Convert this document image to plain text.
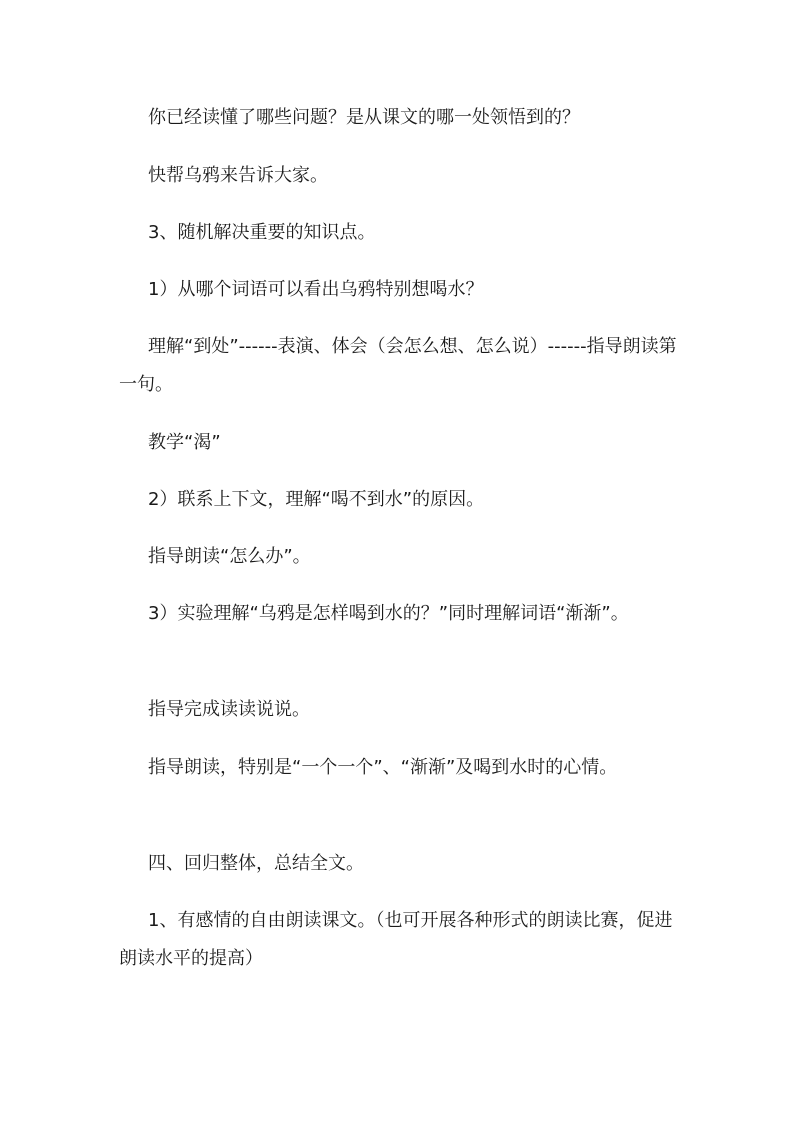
你已经读懂了哪些问题？是从课文的哪一处领悟到的？

快帮乌鸦来告诉大家。

3、随机解决重要的知识点。

1）从哪个词语可以看出乌鸦特别想喝水？

理解“到处”------表演、体会（会怎么想、怎么说）------指导朗读第一句。

教学“渴”

2）联系上下文，理解“喝不到水”的原因。

指导朗读“怎么办”。

3）实验理解“乌鸦是怎样喝到水的？”同时理解词语“渐渐”。

指导完成读读说说。

指导朗读，特别是“一个一个”、“渐渐”及喝到水时的心情。

四、回归整体，总结全文。

1、有感情的自由朗读课文。（也可开展各种形式的朗读比赛，促进朗读水平的提高）
